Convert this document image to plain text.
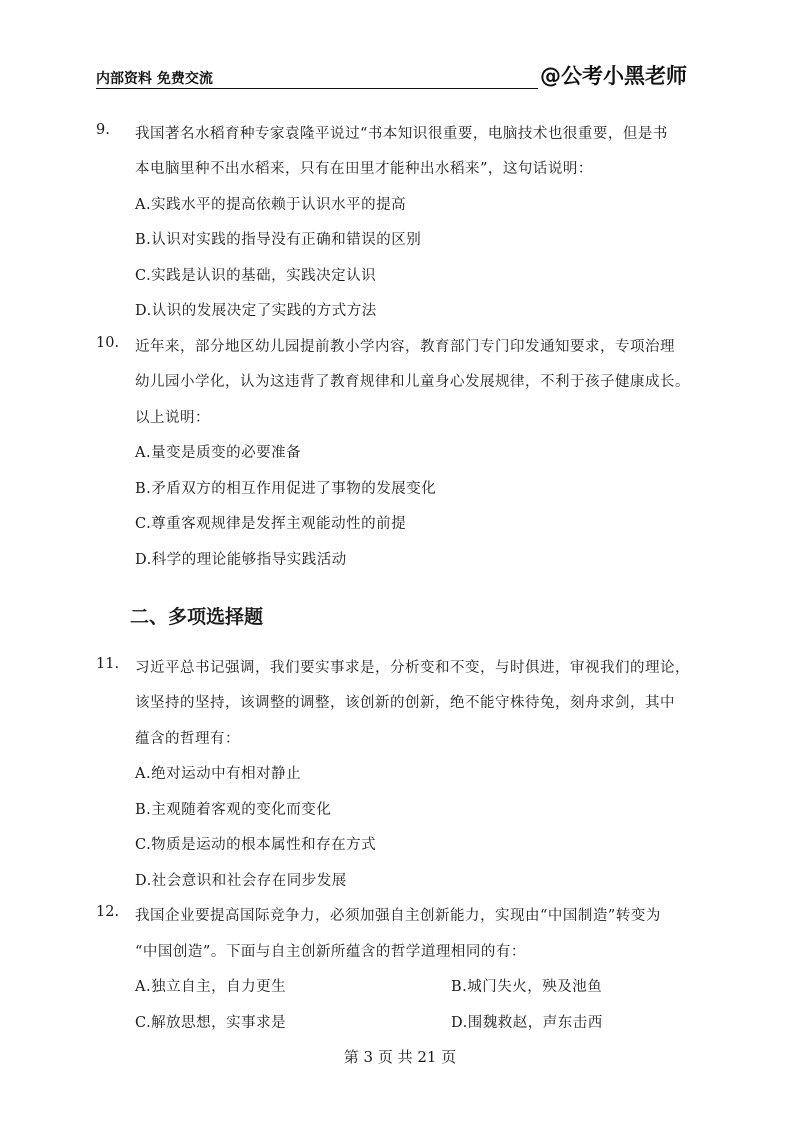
内部资料 免费交流	@公考小黑老师
9. 我国著名水稻育种专家袁隆平说过“书本知识很重要，电脑技术也很重要，但是书
本电脑里种不出水稻来，只有在田里才能种出水稻来”，这句话说明：
A.实践水平的提高依赖于认识水平的提高
B.认识对实践的指导没有正确和错误的区别
C.实践是认识的基础，实践决定认识
D.认识的发展决定了实践的方式方法
10. 近年来，部分地区幼儿园提前教小学内容，教育部门专门印发通知要求，专项治理
幼儿园小学化，认为这违背了教育规律和儿童身心发展规律，不利于孩子健康成长。
以上说明：
A.量变是质变的必要准备
B.矛盾双方的相互作用促进了事物的发展变化
C.尊重客观规律是发挥主观能动性的前提
D.科学的理论能够指导实践活动
二、多项选择题
11. 习近平总书记强调，我们要实事求是，分析变和不变，与时俱进，审视我们的理论，
该坚持的坚持，该调整的调整，该创新的创新，绝不能守株待兔，刻舟求剑，其中
蕴含的哲理有：
A.绝对运动中有相对静止
B.主观随着客观的变化而变化
C.物质是运动的根本属性和存在方式
D.社会意识和社会存在同步发展
12. 我国企业要提高国际竞争力，必须加强自主创新能力，实现由“中国制造”转变为
“中国创造”。下面与自主创新所蕴含的哲学道理相同的有：
A.独立自主，自力更生	B.城门失火，殃及池鱼
C.解放思想，实事求是	D.围魏救赵，声东击西
第 3 页 共 21 页
